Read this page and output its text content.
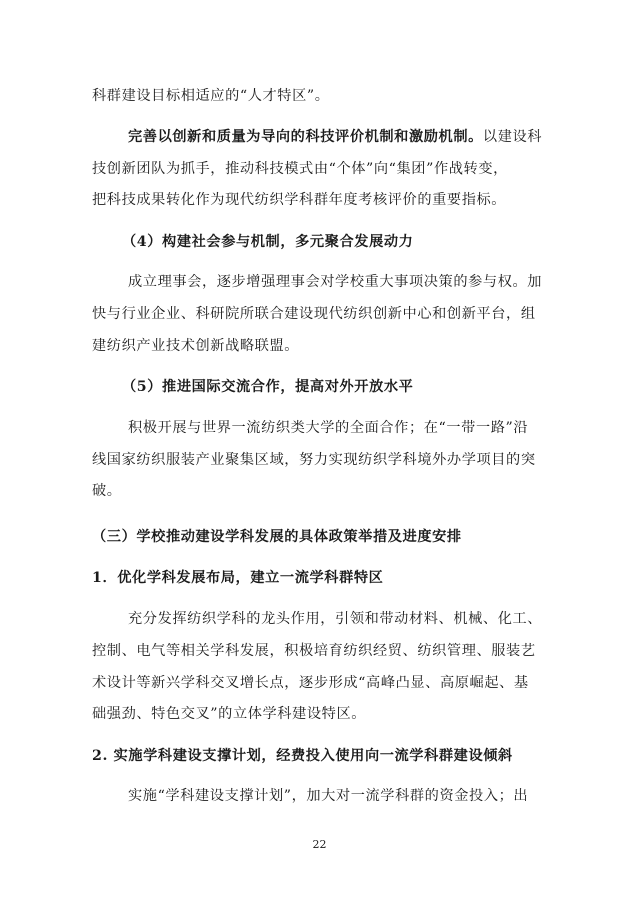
科群建设目标相适应的“人才特区”。
完善以创新和质量为导向的科技评价机制和激励机制。以建设科
技创新团队为抓手，推动科技模式由“个体”向“集团”作战转变，
把科技成果转化作为现代纺织学科群年度考核评价的重要指标。
（4）构建社会参与机制，多元聚合发展动力
成立理事会，逐步增强理事会对学校重大事项决策的参与权。加
快与行业企业、科研院所联合建设现代纺织创新中心和创新平台，组
建纺织产业技术创新战略联盟。
（5）推进国际交流合作，提高对外开放水平
积极开展与世界一流纺织类大学的全面合作；在“一带一路”沿
线国家纺织服装产业聚集区域，努力实现纺织学科境外办学项目的突
破。
（三）学校推动建设学科发展的具体政策举措及进度安排
1．优化学科发展布局，建立一流学科群特区
充分发挥纺织学科的龙头作用，引领和带动材料、机械、化工、
控制、电气等相关学科发展，积极培育纺织经贸、纺织管理、服装艺
术设计等新兴学科交叉增长点，逐步形成“高峰凸显、高原崛起、基
础强劲、特色交叉”的立体学科建设特区。
2. 实施学科建设支撑计划，经费投入使用向一流学科群建设倾斜
实施“学科建设支撑计划”，加大对一流学科群的资金投入；出
22
